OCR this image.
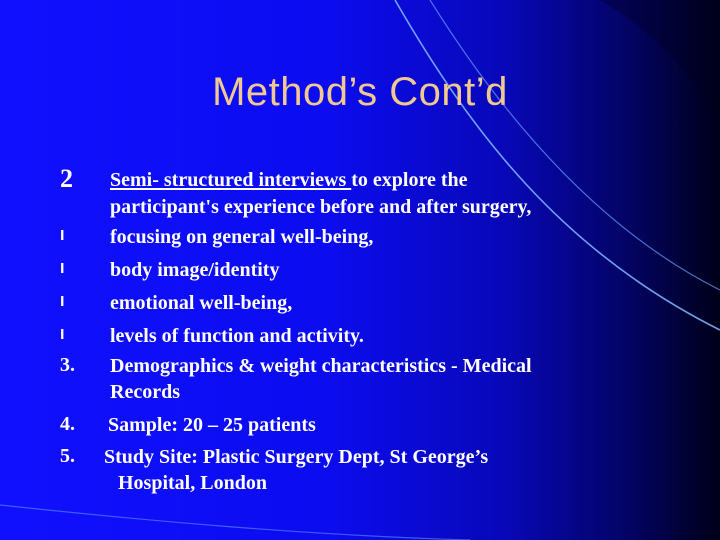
Method’s Cont’d
2 Semi- structured interviews to explore the
participant's experience before and after surgery,
l focusing on general well-being,
l body image/identity
l emotional well-being,
l levels of function and activity.
3. Demographics & weight characteristics - Medical
Records
4. Sample: 20 – 25 patients
5. Study Site: Plastic Surgery Dept, St George’s
Hospital, London
